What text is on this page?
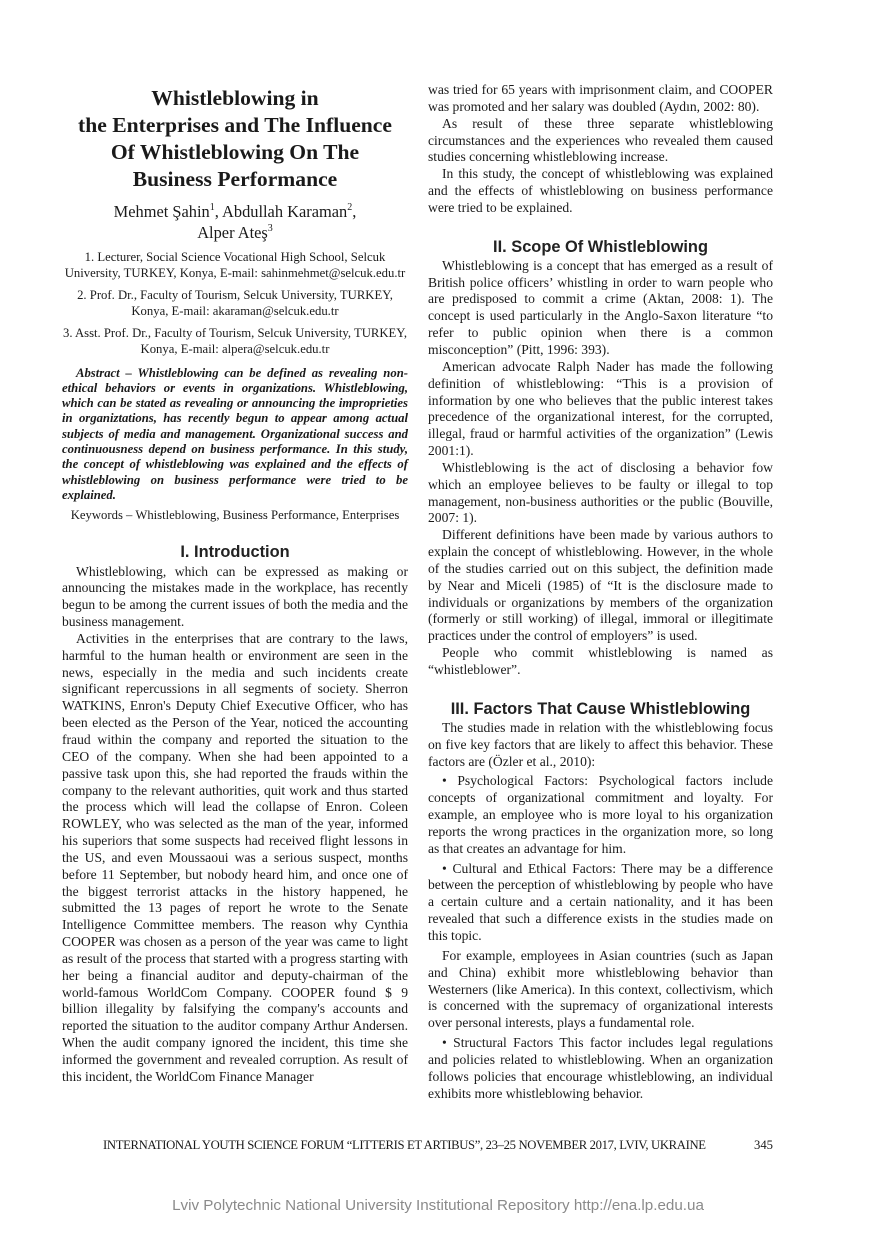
Whistleblowing in
the Enterprises and The Influence
Of Whistleblowing On The
Business Performance
Mehmet Şahin$^1$, Abdullah Karaman$^2$,
Alper Ateş$^3$
1. Lecturer, Social Science Vocational High School, Selcuk University, TURKEY, Konya, E-mail: sahinmehmet@selcuk.edu.tr
2. Prof. Dr., Faculty of Tourism, Selcuk University, TURKEY, Konya, E-mail: akaraman@selcuk.edu.tr
3. Asst. Prof. Dr., Faculty of Tourism, Selcuk University, TURKEY, Konya, E-mail: alpera@selcuk.edu.tr

Abstract – Whistleblowing can be defined as revealing non-ethical behaviors or events in organizations. Whistleblowing, which can be stated as revealing or announcing the improprieties in organiztations, has recently begun to appear among actual subjects of media and management. Organizational success and continuousness depend on business performance. In this study, the concept of whistleblowing was explained and the effects of whistleblowing on business performance were tried to be explained.

Keywords – Whistleblowing, Business Performance, Enterprises

I. Introduction

Whistleblowing, which can be expressed as making or announcing the mistakes made in the workplace, has recently begun to be among the current issues of both the media and the business management.

Activities in the enterprises that are contrary to the laws, harmful to the human health or environment are seen in the news, especially in the media and such incidents create significant repercussions in all segments of society. Sherron WATKINS, Enron's Deputy Chief Executive Officer, who has been elected as the Person of the Year, noticed the accounting fraud within the company and reported the situation to the CEO of the company. When she had been appointed to a passive task upon this, she had reported the frauds within the company to the relevant authorities, quit work and thus started the process which will lead the collapse of Enron. Coleen ROWLEY, who was selected as the man of the year, informed his superiors that some suspects had received flight lessons in the US, and even Moussaoui was a serious suspect, months before 11 September, but nobody heard him, and once one of the biggest terrorist attacks in the history happened, he submitted the 13 pages of report he wrote to the Senate Intelligence Committee members. The reason why Cynthia COOPER was chosen as a person of the year was came to light as result of the process that started with a progress starting with her being a financial auditor and deputy-chairman of the world-famous WorldCom Company. COOPER found $ 9 billion illegality by falsifying the company's accounts and reported the situation to the auditor company Arthur Andersen. When the audit company ignored the incident, this time she informed the government and revealed corruption. As result of this incident, the WorldCom Finance Manager

was tried for 65 years with imprisonment claim, and COOPER was promoted and her salary was doubled (Aydın, 2002: 80).

As result of these three separate whistleblowing circumstances and the experiences who revealed them caused studies concerning whistleblowing increase.

In this study, the concept of whistleblowing was explained and the effects of whistleblowing on business performance were tried to be explained.

II. Scope Of Whistleblowing

Whistleblowing is a concept that has emerged as a result of British police officers’ whistling in order to warn people who are predisposed to commit a crime (Aktan, 2008: 1). The concept is used particularly in the Anglo-Saxon literature “to refer to public opinion when there is a common misconception” (Pitt, 1996: 393).

American advocate Ralph Nader has made the following definition of whistleblowing: “This is a provision of information by one who believes that the public interest takes precedence of the organizational interest, for the corrupted, illegal, fraud or harmful activities of the organization” (Lewis 2001:1).

Whistleblowing is the act of disclosing a behavior fow which an employee believes to be faulty or illegal to top management, non-business authorities or the public (Bouville, 2007: 1).

Different definitions have been made by various authors to explain the concept of whistleblowing. However, in the whole of the studies carried out on this subject, the definition made by Near and Miceli (1985) of “It is the disclosure made to individuals or organizations by members of the organization (formerly or still working) of illegal, immoral or illegitimate practices under the control of employers” is used.

People who commit whistleblowing is named as “whistleblower”.

III. Factors That Cause Whistleblowing

The studies made in relation with the whistleblowing focus on five key factors that are likely to affect this behavior. These factors are (Özler et al., 2010):

• Psychological Factors: Psychological factors include concepts of organizational commitment and loyalty. For example, an employee who is more loyal to his organization reports the wrong practices in the organization more, so long as that creates an advantage for him.

• Cultural and Ethical Factors: There may be a difference between the perception of whistleblowing by people who have a certain culture and a certain nationality, and it has been revealed that such a difference exists in the studies made on this topic.

For example, employees in Asian countries (such as Japan and China) exhibit more whistleblowing behavior than Westerners (like America). In this context, collectivism, which is concerned with the supremacy of organizational interests over personal interests, plays a fundamental role.

• Structural Factors This factor includes legal regulations and policies related to whistleblowing. When an organization follows policies that encourage whistleblowing, an individual exhibits more whistleblowing behavior.

INTERNATIONAL YOUTH SCIENCE FORUM “LITTERIS ET ARTIBUS”, 23–25 NOVEMBER 2017, LVIV, UKRAINE	345
Lviv Polytechnic National University Institutional Repository http://ena.lp.edu.ua
